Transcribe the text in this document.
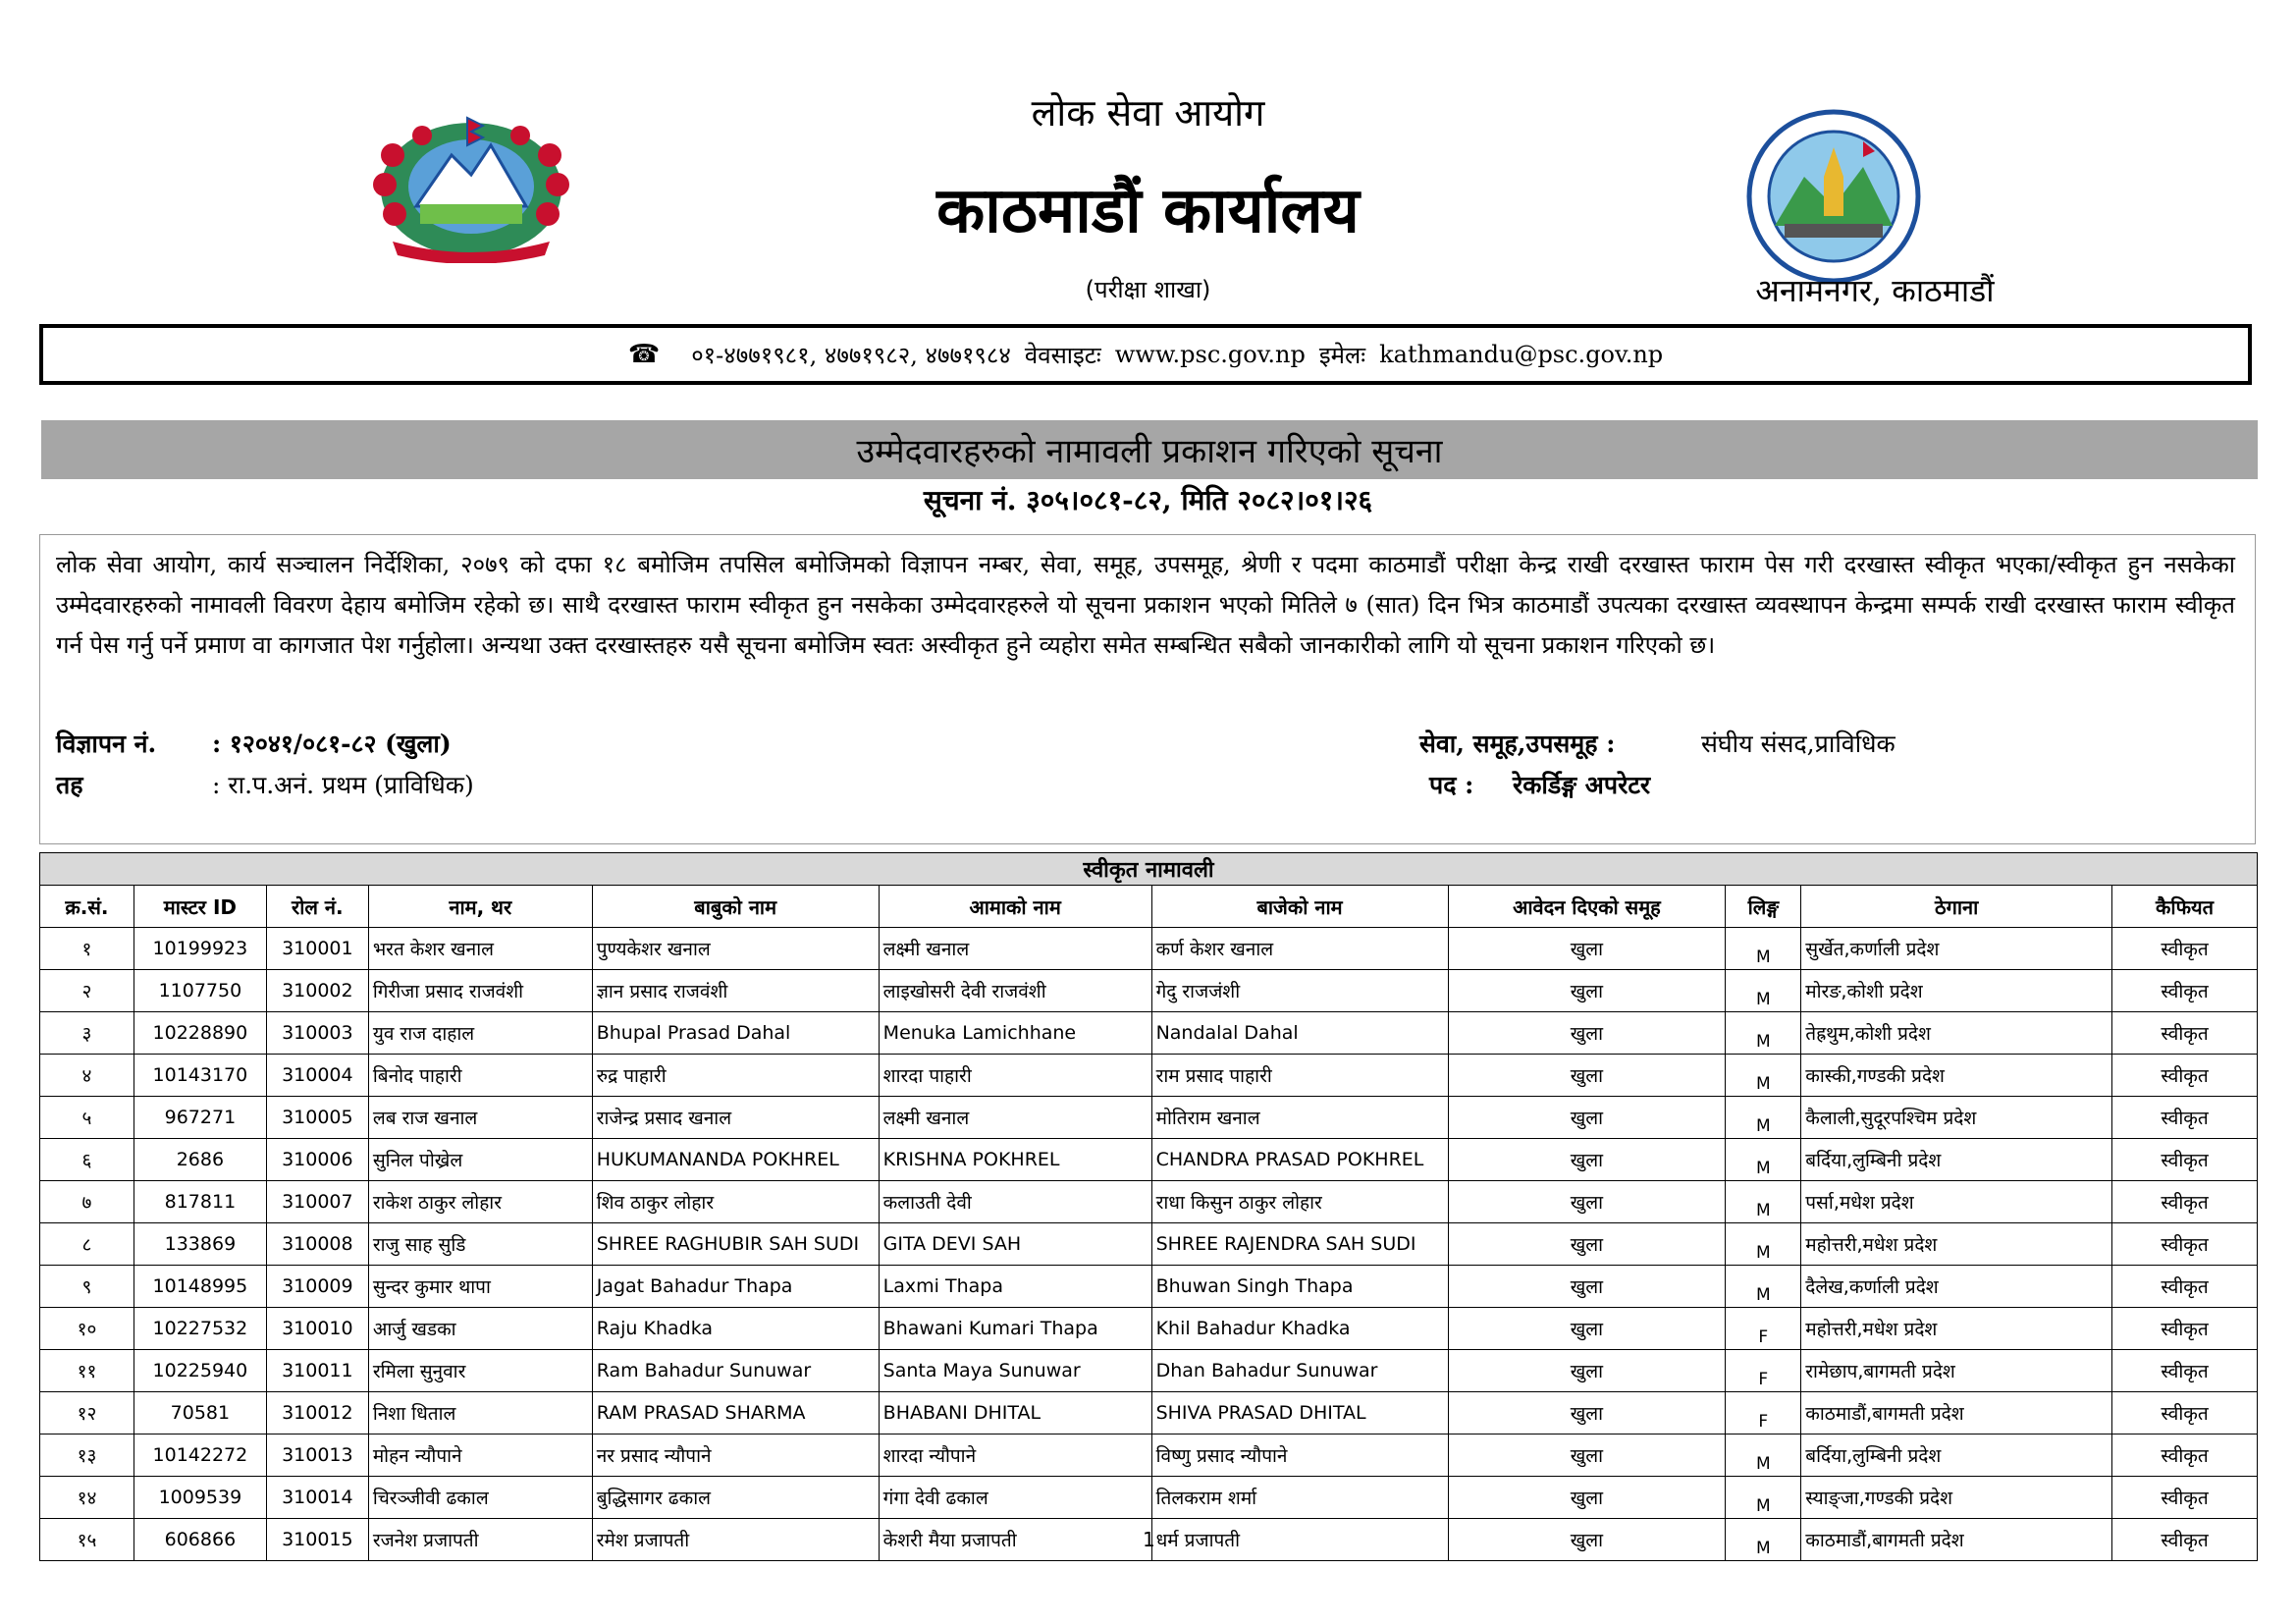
लोक सेवा आयोग
काठमाडौं कार्यालय
(परीक्षा शाखा)	अनामनगर, काठमाडौं
☎ ०१-४७७१९८१, ४७७१९८२, ४७७१९८४ वेवसाइटः www.psc.gov.np इमेलः kathmandu@psc.gov.np
उम्मेदवारहरुको नामावली प्रकाशन गरिएको सूचना
सूचना नं. ३०५।०८१-८२, मिति २०८२।०१।२६
लोक सेवा आयोग, कार्य सञ्चालन निर्देशिका, २०७९ को दफा १८ बमोजिम तपसिल बमोजिमको विज्ञापन नम्बर, सेवा, समूह, उपसमूह, श्रेणी र पदमा काठमाडौं परीक्षा केन्द्र राखी दरखास्त फाराम पेस गरी दरखास्त स्वीकृत भएका/स्वीकृत हुन नसकेका उम्मेदवारहरुको नामावली विवरण देहाय बमोजिम रहेको छ। साथै दरखास्त फाराम स्वीकृत हुन नसकेका उम्मेदवारहरुले यो सूचना प्रकाशन भएको मितिले ७ (सात) दिन भित्र काठमाडौं उपत्यका दरखास्त व्यवस्थापन केन्द्रमा सम्पर्क राखी दरखास्त फाराम स्वीकृत गर्न पेस गर्नु पर्ने प्रमाण वा कागजात पेश गर्नुहोला। अन्यथा उक्त दरखास्तहरु यसै सूचना बमोजिम स्वतः अस्वीकृत हुने व्यहोरा समेत सम्बन्धित सबैको जानकारीको लागि यो सूचना प्रकाशन गरिएको छ।
विज्ञापन नं. : १२०४१/०८१-८२ (खुला)
तह	: रा.प.अनं. प्रथम (प्राविधिक)
सेवा, समूह,उपसमूह :	संघीय संसद,प्राविधिक
पद : रेकर्डिङ्ग अपरेटर
स्वीकृत नामावली										
क्र.सं.	मास्टर ID	रोल नं.	नाम, थर	बाबुको नाम	आमाको नाम	बाजेको नाम	आवेदन दिएको समूह	लिङ्ग	ठेगाना	कैफियत
१	10199923	310001	भरत केशर खनाल	पुण्यकेशर खनाल	लक्ष्मी खनाल	कर्ण केशर खनाल	खुला	M	सुर्खेत,कर्णाली प्रदेश	स्वीकृत
२	1107750	310002	गिरीजा प्रसाद राजवंशी	ज्ञान प्रसाद राजवंशी	लाइखोसरी देवी राजवंशी	गेदु राजजंशी	खुला	M	मोरङ,कोशी प्रदेश	स्वीकृत
३	10228890	310003	युव राज दाहाल	Bhupal Prasad Dahal	Menuka Lamichhane	Nandalal Dahal	खुला	M	तेह्रथुम,कोशी प्रदेश	स्वीकृत
४	10143170	310004	बिनोद पाहारी	रुद्र पाहारी	शारदा पाहारी	राम प्रसाद पाहारी	खुला	M	कास्की,गण्डकी प्रदेश	स्वीकृत
५	967271	310005	लब राज खनाल	राजेन्द्र प्रसाद खनाल	लक्ष्मी खनाल	मोतिराम खनाल	खुला	M	कैलाली,सुदूरपश्चिम प्रदेश	स्वीकृत
६	2686	310006	सुनिल पोख्रेल	HUKUMANANDA POKHREL	KRISHNA POKHREL	CHANDRA PRASAD POKHREL	खुला	M	बर्दिया,लुम्बिनी प्रदेश	स्वीकृत
७	817811	310007	राकेश ठाकुर लोहार	शिव ठाकुर लोहार	कलाउती देवी	राधा किसुन ठाकुर लोहार	खुला	M	पर्सा,मधेश प्रदेश	स्वीकृत
८	133869	310008	राजु साह सुडि	SHREE RAGHUBIR SAH SUDI	GITA DEVI SAH	SHREE RAJENDRA SAH SUDI	खुला	M	महोत्तरी,मधेश प्रदेश	स्वीकृत
९	10148995	310009	सुन्दर कुमार थापा	Jagat Bahadur Thapa	Laxmi Thapa	Bhuwan Singh Thapa	खुला	M	दैलेख,कर्णाली प्रदेश	स्वीकृत
१०	10227532	310010	आर्जु खडका	Raju Khadka	Bhawani Kumari Thapa	Khil Bahadur Khadka	खुला	F	महोत्तरी,मधेश प्रदेश	स्वीकृत
११	10225940	310011	रमिला सुनुवार	Ram Bahadur Sunuwar	Santa Maya Sunuwar	Dhan Bahadur Sunuwar	खुला	F	रामेछाप,बागमती प्रदेश	स्वीकृत
१२	70581	310012	निशा धिताल	RAM PRASAD SHARMA	BHABANI DHITAL	SHIVA PRASAD DHITAL	खुला	F	काठमाडौं,बागमती प्रदेश	स्वीकृत
१३	10142272	310013	मोहन न्यौपाने	नर प्रसाद न्यौपाने	शारदा न्यौपाने	विष्णु प्रसाद न्यौपाने	खुला	M	बर्दिया,लुम्बिनी प्रदेश	स्वीकृत
१४	1009539	310014	चिरञ्जीवी ढकाल	बुद्धिसागर ढकाल	गंगा देवी ढकाल	तिलकराम शर्मा	खुला	M	स्याङ्जा,गण्डकी प्रदेश	स्वीकृत
१५	606866	310015	रजनेश प्रजापती	रमेश प्रजापती	केशरी मैया प्रजापती	धर्म प्रजापती	खुला	M	काठमाडौं,बागमती प्रदेश	स्वीकृत
1
